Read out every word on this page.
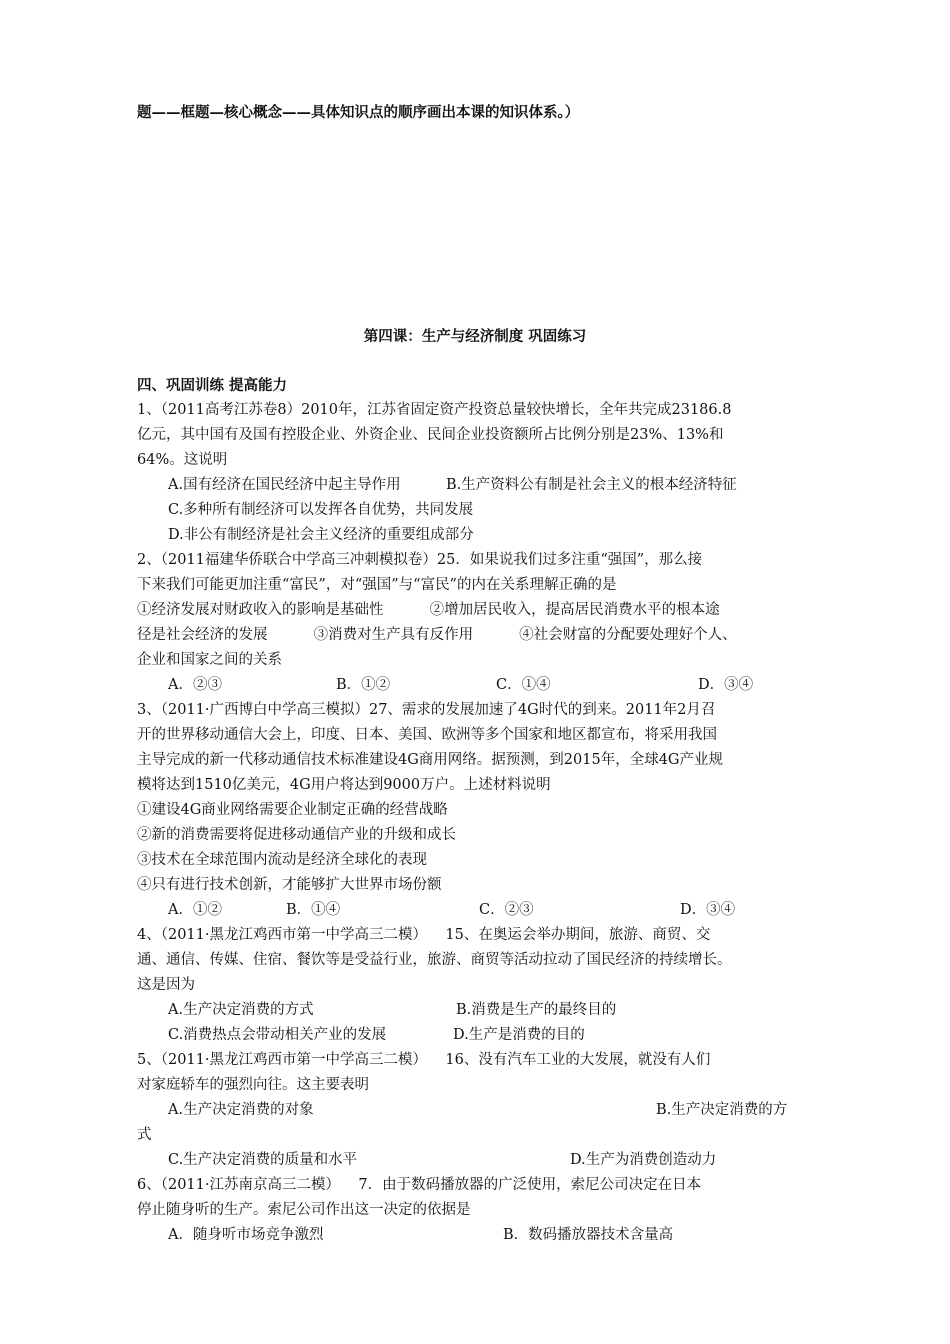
题——框题—核心概念——具体知识点的顺序画出本课的知识体系。）
第四课：生产与经济制度 巩固练习
四、巩固训练 提高能力
1、（2011高考江苏卷8）2010年，江苏省固定资产投资总量较快增长，全年共完成23186.8
亿元，其中国有及国有控股企业、外资企业、民间企业投资额所占比例分别是23%、13%和
64%。这说明
A.国有经济在国民经济中起主导作用	B.生产资料公有制是社会主义的根本经济特征
C.多种所有制经济可以发挥各自优势，共同发展
D.非公有制经济是社会主义经济的重要组成部分
2、（2011福建华侨联合中学高三冲刺模拟卷）25．如果说我们过多注重“强国”，那么接
下来我们可能更加注重“富民”，对“强国”与“富民”的内在关系理解正确的是
①经济发展对财政收入的影响是基础性          ②增加居民收入，提高居民消费水平的根本途
径是社会经济的发展          ③消费对生产具有反作用          ④社会财富的分配要处理好个人、
企业和国家之间的关系
A．②③	B．①②	C．①④	D．③④
3、（2011·广西博白中学高三模拟）27、需求的发展加速了4G时代的到来。2011年2月召
开的世界移动通信大会上，印度、日本、美国、欧洲等多个国家和地区都宣布，将采用我国
主导完成的新一代移动通信技术标准建设4G商用网络。据预测，到2015年，全球4G产业规
模将达到1510亿美元，4G用户将达到9000万户。上述材料说明
①建设4G商业网络需要企业制定正确的经营战略
②新的消费需要将促进移动通信产业的升级和成长
③技术在全球范围内流动是经济全球化的表现
④只有进行技术创新，才能够扩大世界市场份额
A．①②	B．①④	C．②③	D．③④
4、（2011·黑龙江鸡西市第一中学高三二模）    15、在奥运会举办期间，旅游、商贸、交
通、通信、传媒、住宿、餐饮等是受益行业，旅游、商贸等活动拉动了国民经济的持续增长。
这是因为
A.生产决定消费的方式	B.消费是生产的最终目的
C.消费热点会带动相关产业的发展	D.生产是消费的目的
5、（2011·黑龙江鸡西市第一中学高三二模）    16、没有汽车工业的大发展，就没有人们
对家庭轿车的强烈向往。这主要表明
A.生产决定消费的对象	B.生产决定消费的方
式
C.生产决定消费的质量和水平	D.生产为消费创造动力
6、（2011·江苏南京高三二模）    7．由于数码播放器的广泛使用，索尼公司决定在日本
停止随身听的生产。索尼公司作出这一决定的依据是
A．随身听市场竞争激烈	B．数码播放器技术含量高
